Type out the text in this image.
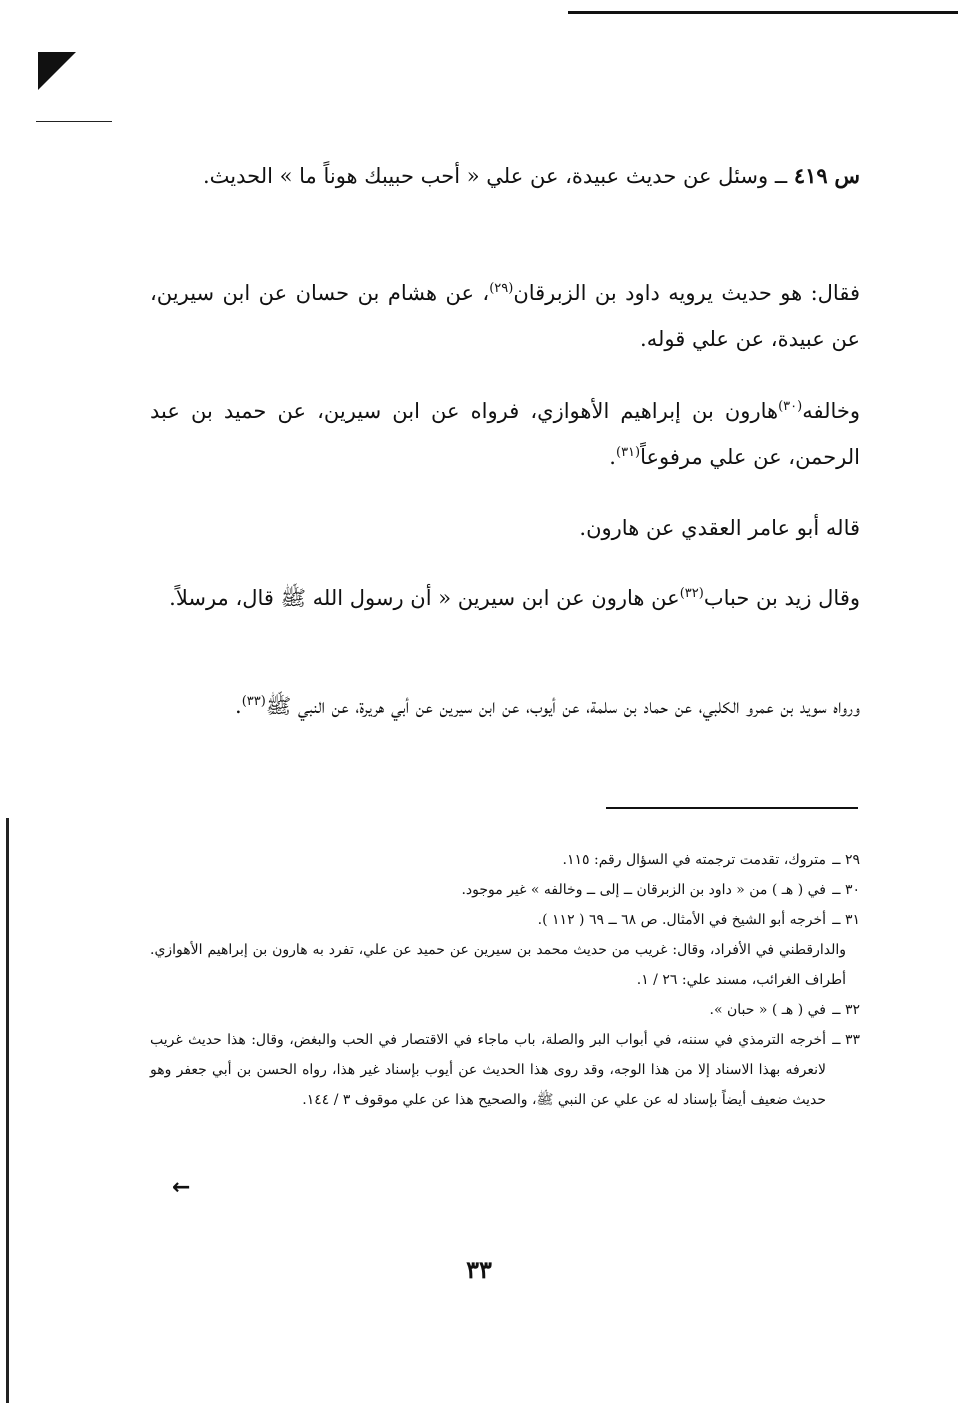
س ٤١٩ ــ وسئل عن حديث عبيدة، عن علي « أحب حبيبك هوناً ما » الحديث.

فقال: هو حديث يرويه داود بن الزبرقان$^{(٢٩)}$، عن هشام بن حسان عن ابن سيرين، عن عبيدة، عن علي قوله.

وخالفه$^{(٣٠)}$هارون بن إبراهيم الأهوازي، فرواه عن ابن سيرين، عن حميد بن عبد الرحمن، عن علي مرفوعاً$^{(٣١)}$.

قاله أبو عامر العقدي عن هارون.

وقال زيد بن حباب$^{(٣٢)}$عن هارون عن ابن سيرين « أن رسول الله ﷺ قال، مرسلاً.

ورواه سويد بن عمرو الكلبي، عن حماد بن سلمة، عن أيوب، عن ابن سيرين عن أبي هريرة، عن النبي ﷺ$^{(٣٣)}$.

٢٩ ــ
متروك، تقدمت ترجمته في السؤال رقم: ١١٥.
٣٠ ــ
في ( هـ ) من « داود بن الزبرقان ــ إلى ــ وخالفه » غير موجود.
٣١ ــ
أخرجه أبو الشيخ في الأمثال. ص ٦٨ ــ ٦٩ ( ١١٢ ).
والدارقطني في الأفراد، وقال: غريب من حديث محمد بن سيرين عن حميد عن علي، تفرد به هارون بن إبراهيم الأهوازي. أطراف الغرائب، مسند علي: ٢٦ / ١.
٣٢ ــ
في ( هـ ) « حبان ».
٣٣ ــ
أخرجه الترمذي في سننه، في أبواب البر والصلة، باب ماجاء في الاقتصار في الحب والبغض، وقال: هذا حديث غريب لانعرفه بهذا الاسناد إلا من هذا الوجه، وقد روى هذا الحديث عن أيوب بإسناد غير هذا، رواه الحسن بن أبي جعفر وهو حديث ضعيف أيضاً بإسناد له عن علي عن النبي ﷺ، والصحيح هذا عن علي موقوف ٣ / ١٤٤.
←
٣٣
